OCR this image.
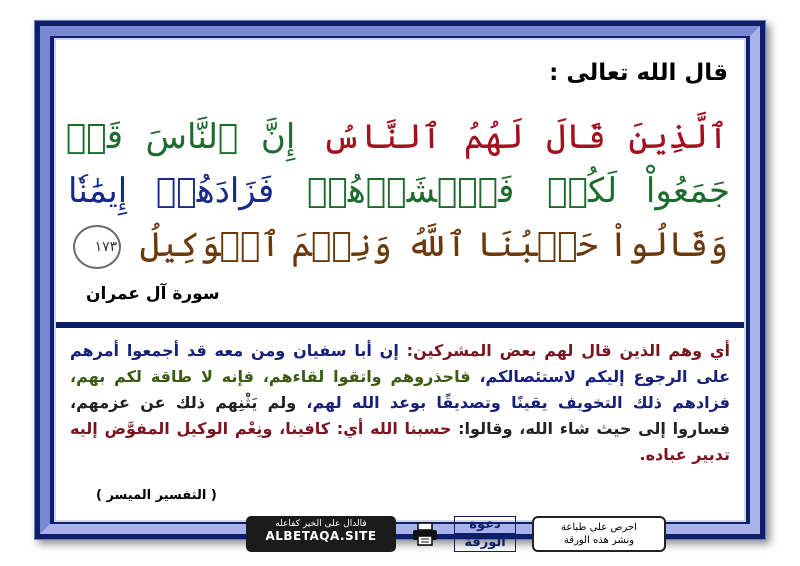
قال الله تعالى :
ٱلَّذِينَ قَالَ لَهُمُ ٱلنَّاسُ إِنَّ ٱلنَّاسَ قَدۡ جَمَعُواْ لَكُمۡ فَٱخۡشَوۡهُمۡ فَزَادَهُمۡ إِيمَٰنٗا وَقَالُواْ حَسۡبُنَا ٱللَّهُ وَنِعۡمَ ٱلۡوَكِيلُ ١٧٣
سورة آل عمران
أي وهم الذين قال لهم بعض المشركين: إن أبا سفيان ومن معه قد أجمعوا أمرهم على الرجوع إليكم لاستئصالكم، فاحذروهم واتقوا لقاءهم، فإنه لا طاقة لكم بهم، فزادهم ذلك التخويف يقينًا وتصديقًا بوعد الله لهم، ولم يَثْنِهم ذلك عن عزمهم، فساروا إلى حيث شاء الله، وقالوا: حسبنا الله أي: كافينا، ونِعْم الوكيل المفوَّض إليه تدبير عباده.
( التفسير الميسر )
فالدال على الخير كفاعله
ALBETAQA.SITE
دعوة
الورقة
احرص على طباعة
ونشر هذه الورقة
